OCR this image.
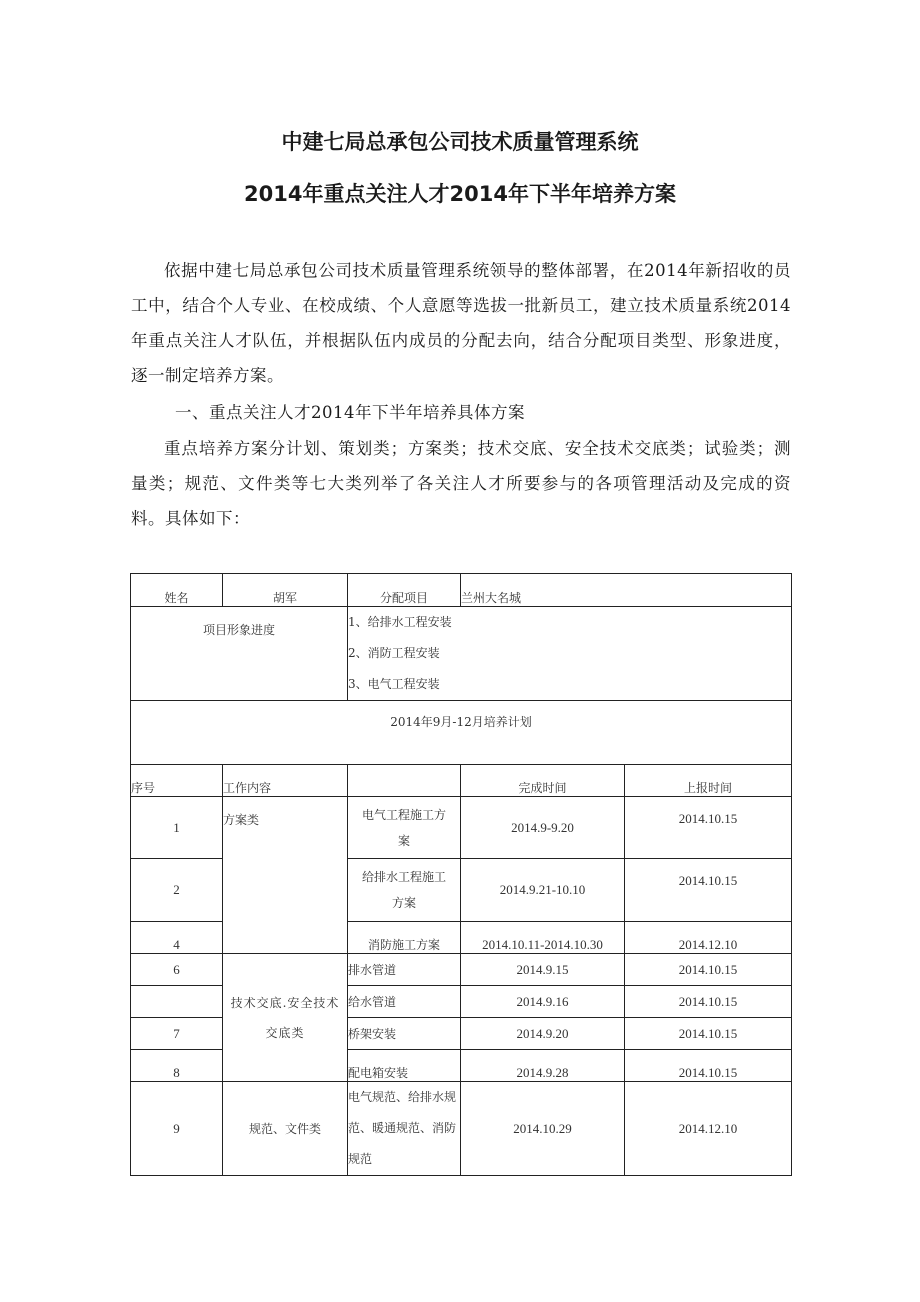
中建七局总承包公司技术质量管理系统
2014年重点关注人才2014年下半年培养方案
依据中建七局总承包公司技术质量管理系统领导的整体部署，在2014年新招收的员工中，结合个人专业、在校成绩、个人意愿等选拔一批新员工，建立技术质量系统2014年重点关注人才队伍，并根据队伍内成员的分配去向，结合分配项目类型、形象进度，逐一制定培养方案。
一、重点关注人才2014年下半年培养具体方案
重点培养方案分计划、策划类；方案类；技术交底、安全技术交底类；试验类；测量类；规范、文件类等七大类列举了各关注人才所要参与的各项管理活动及完成的资料。具体如下：
姓名	胡军	分配项目	兰州大名城	
项目形象进度		1、给排水工程安装
2、消防工程安装
3、电气工程安装		

2014年9月-12月培养计划				
序号	工作内容		完成时间	上报时间
1	方案类	电气工程施工方案	2014.9-9.20	2014.10.15
2		给排水工程施工方案	2014.9.21-10.10	2014.10.15
4		消防施工方案	2014.10.11-2014.10.30	2014.12.10
6	技术交底.安全技术交底类	排水管道	2014.9.15	2014.10.15
		给水管道	2014.9.16	2014.10.15
7		桥架安装	2014.9.20	2014.10.15
8		配电箱安装	2014.9.28	2014.10.15
9	规范、文件类	电气规范、给排水规范、暖通规范、消防规范	2014.10.29	2014.12.10
